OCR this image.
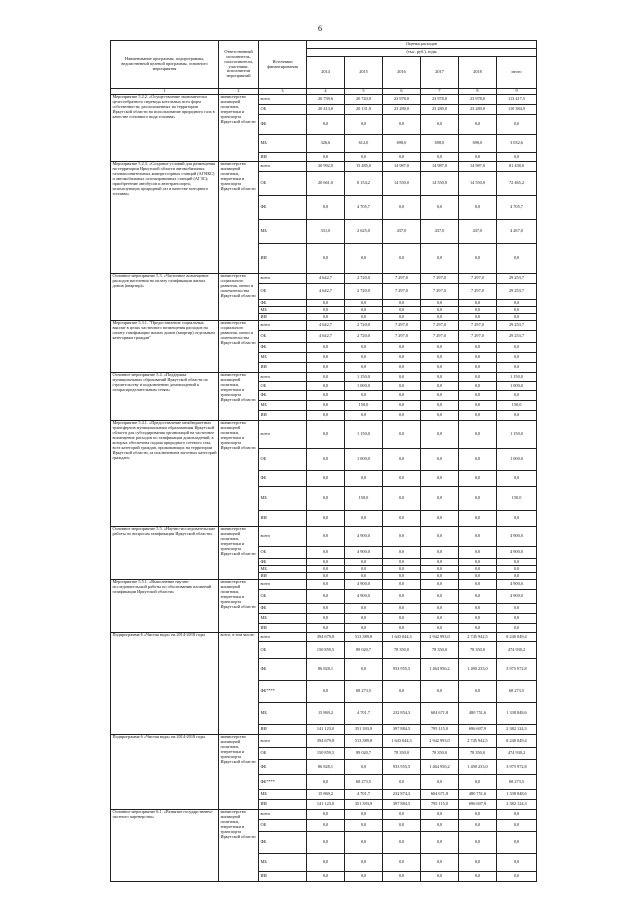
6
Наименование программы, подпрограммы, ведомственной целевой программы, основного мероприятия	Ответственный исполнитель, соисполнители, участники, исполнители мероприятий	Источники финансирования	Оценка расходов					
			(тыс. руб.), годы					
			2014	2015	2016	2017	2018	итого
1	2	3	4	5	6	7	8	9
Мероприятие 5.2.2. «Осуществление экономически целесообразного перевода котельных всех форм собственности, расположенных на территории Иркутской области на использование природного газа в качестве основного вида топлива»	министерство жилищной политики, энергетики и транспорта Иркутской области	всего	20 739,6	20 743,9	23 978,0	23 978,0	23 978,0	113 417,5
		ОБ	20 413,0	20 131,9	23 280,0	23 280,0	23 280,0	110 384,9
		ФБ	0,0	0,0	0,0	0,0	0,0	0,0
		МБ	326,6	612,0	698,0	698,0	698,0	3 032,6
		ИИ	0,0	0,0	0,0	0,0	0,0	0,0
Мероприятие 5.2.3. «Создание условий для размещения на территории Иркутской области автомобильных газонаполнительных компрессорных станций (АГНКС) и автомобильных газозаправочных станций (АГЗС); приобретение автобусов и автотранспорта, использующих природный газ в качестве моторного топлива»	министерство жилищной политики, энергетики и транспорта Иркутской области	всего	20 992,0	15 485,0	14 987,0	14 987,0	14 987,0	81 438,0
		ОБ	20 661,0	8 154,2	14 550,0	14 550,0	14 550,0	72 465,2
		ФБ	0,0	4 705,7	0,0	0,0	0,0	4 705,7
		МБ	331,0	2 625,0	437,0	437,0	437,0	4 267,0
		ИИ	0,0	0,0	0,0	0,0	0,0	0,0
Основное мероприятие 5.3. «Частичное возмещение расходов населения на оплату газификации жилых домов (квартир)»	министерство социального развития, опеки и попечительства Иркутской области	всего	4 642,7	2 720,0	7 297,0	7 297,0	7 297,0	29 253,7
		ОБ	4 642,7	2 720,0	7 297,0	7 297,0	7 297,0	29 253,7
		ФБ	0,0	0,0	0,0	0,0	0,0	0,0
		МБ	0,0	0,0	0,0	0,0	0,0	0,0
		ИИ	0,0	0,0	0,0	0,0	0,0	0,0
Мероприятие 5.3.1. "Предоставление социальных выплат в целях частичного возмещения расходов на оплату газификации жилых домов (квартир) отдельным категориям граждан"	министерство социального развития, опеки и попечительства Иркутской области	всего	4 642,7	2 720,0	7 297,0	7 297,0	7 297,0	29 253,7
		ОБ	4 642,7	2 720,0	7 297,0	7 297,0	7 297,0	29 253,7
		ФБ	0,0	0,0	0,0	0,0	0,0	0,0
		МБ	0,0	0,0	0,0	0,0	0,0	0,0
		ИИ	0,0	0,0	0,0	0,0	0,0	0,0
Основное мероприятие 5.4. «Поддержка муниципальных образований Иркутской области по строительству и подключению домовладений к газораспределительным сетям»	министерство жилищной политики, энергетики и транспорта Иркутской области	всего	0,0	1 150,0	0,0	0,0	0,0	1 150,0
		ОБ	0,0	1 000,0	0,0	0,0	0,0	1 000,0
		ФБ	0,0	0,0	0,0	0,0	0,0	0,0
		МБ	0,0	150,0	0,0	0,0	0,0	150,0
		ИИ	0,0	0,0	0,0	0,0	0,0	0,0
Мероприятие 5.4.1. «Предоставление межбюджетных трансфертов муниципальным образованиям Иркутской области для субсидирования организаций на частичное возмещение расходов по газификации домовладений, в которых обеспечена подача природного сетевого газа, всех категорий граждан, проживающих на территории Иркутской области, за исключением льготных категорий граждан»	министерство жилищной политики, энергетики и транспорта Иркутской области	всего	0,0	1 150,0	0,0	0,0	0,0	1 150,0
		ОБ	0,0	1 000,0	0,0	0,0	0,0	1 000,0
		ФБ	0,0	0,0	0,0	0,0	0,0	0,0
		МБ	0,0	150,0	0,0	0,0	0,0	150,0
		ИИ	0,0	0,0	0,0	0,0	0,0	0,0
Основное мероприятие 5.5. «Научно-исследовательские работы по вопросам газификации Иркутской области»	министерство жилищной политики, энергетики и транспорта Иркутской области	всего	0,0	4 900,0	0,0	0,0	0,0	4 900,0
		ОБ	0,0	4 900,0	0,0	0,0	0,0	4 900,0
		ФБ	0,0	0,0	0,0	0,0	0,0	0,0
		МБ	0,0	0,0	0,0	0,0	0,0	0,0
		ИИ	0,0	0,0	0,0	0,0	0,0	0,0
Мероприятие 5.5.1. «Выполнение научно-исследовательской работы по обоснованию вложений газификации Иркутской области»	министерство жилищной политики, энергетики и транспорта Иркутской области	всего	0,0	4 900,0	0,0	0,0	0,0	4 900,0
		ОБ	0,0	4 900,0	0,0	0,0	0,0	4 900,0
		ФБ	0,0	0,0	0,0	0,0	0,0	0,0
		МБ	0,0	0,0	0,0	0,0	0,0	0,0
		ИИ	0,0	0,0	0,0	0,0	0,0	0,0
Подпрограмма 6 «Чистая вода» на 2014-2018 годы	всего, в том числе:	всего	394 679,8	513 389,8	1 643 044,3	2 942 993,0	2 745 942,5	8 240 049,4
		ОБ	150 859,5	89 020,7	78 350,0	78 350,0	78 350,0	474 930,2
		ФБ	86 828,1	0,0	933 955,5	1 464 956,2	1 490 233,0	3 975 972,8
		ФБ****	0,0	68 273,5	0,0	0,0	0,0	68 273,5
		МБ	15 869,2	4 701,7	232 854,3	604 671,8	480 751,6	1 338 848,6
		ИИ	141 123,0	351 393,9	397 884,5	795 115,0	696 607,9	2 382 124,3
Подпрограмма 6 «Чистая вода» на 2014-2018 годы	министерство жилищной политики, энергетики и транспорта Иркутской области	всего	394 679,8	513 389,8	1 643 044,3	2 942 993,0	2 745 942,5	8 240 049,4
		ОБ	150 859,5	89 020,7	78 350,0	78 350,0	78 350,0	474 930,2
		ФБ	86 828,1	0,0	933 955,5	1 464 956,2	1 490 233,0	3 975 972,8
		ФБ****	0,0	68 273,5	0,0	0,0	0,0	68 273,5
		МБ	15 869,2	4 701,7	232 874,3	604 671,8	480 751,6	1 338 848,6
		ИИ	141 123,0	351 393,9	397 884,5	795 115,0	696 607,9	2 382 124,3
Основное мероприятие 6.1. «Развитие государственно-частного партнерства»	министерство жилищной политики, энергетики и транспорта Иркутской области	всего	0,0	0,0	0,0	0,0	0,0	0,0
		ОБ	0,0	0,0	0,0	0,0	0,0	0,0
		ФБ	0,0	0,0	0,0	0,0	0,0	0,0
		МБ	0,0	0,0	0,0	0,0	0,0	0,0
		ИИ	0,0	0,0	0,0	0,0	0,0	0,0
